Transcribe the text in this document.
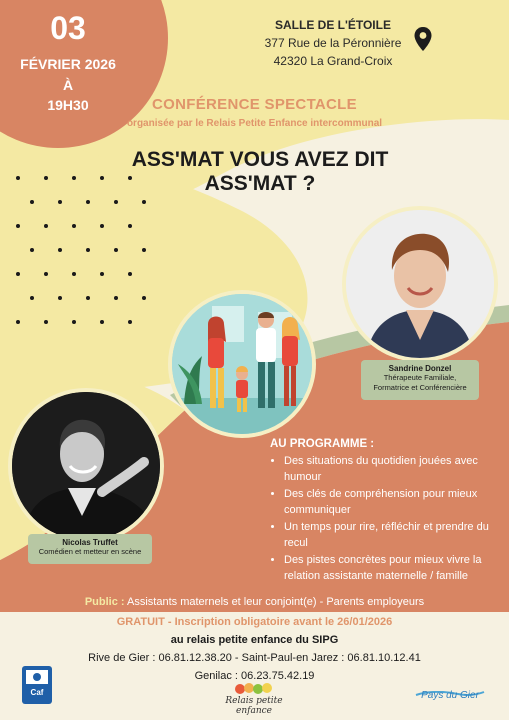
03
FÉVRIER 2026
À
19H30
SALLE DE L'ÉTOILE
377 Rue de la Péronnière
42320 La Grand-Croix
CONFÉRENCE SPECTACLE
organisée par le Relais Petite Enfance intercommunal
ASS'MAT VOUS AVEZ DIT
ASS'MAT ?
Sandrine Donzel
Thérapeute Familiale,
Formatrice et Conférencière
Nicolas Truffet
Comédien et metteur en scène
AU PROGRAMME :
• Des situations du quotidien jouées avec humour
• Des clés de compréhension pour mieux communiquer
• Un temps pour rire, réfléchir et prendre du recul
• Des pistes concrètes pour mieux vivre la relation assistante maternelle / famille
Public : Assistants maternels et leur conjoint(e) - Parents employeurs
GRATUIT - Inscription obligatoire avant le 26/01/2026
au relais petite enfance du SIPG
Rive de Gier : 06.81.12.38.20 - Saint-Paul-en Jarez : 06.81.10.12.41
Genilac : 06.23.75.42.19
Caf
Relais petite enfance
Pays du Gier
